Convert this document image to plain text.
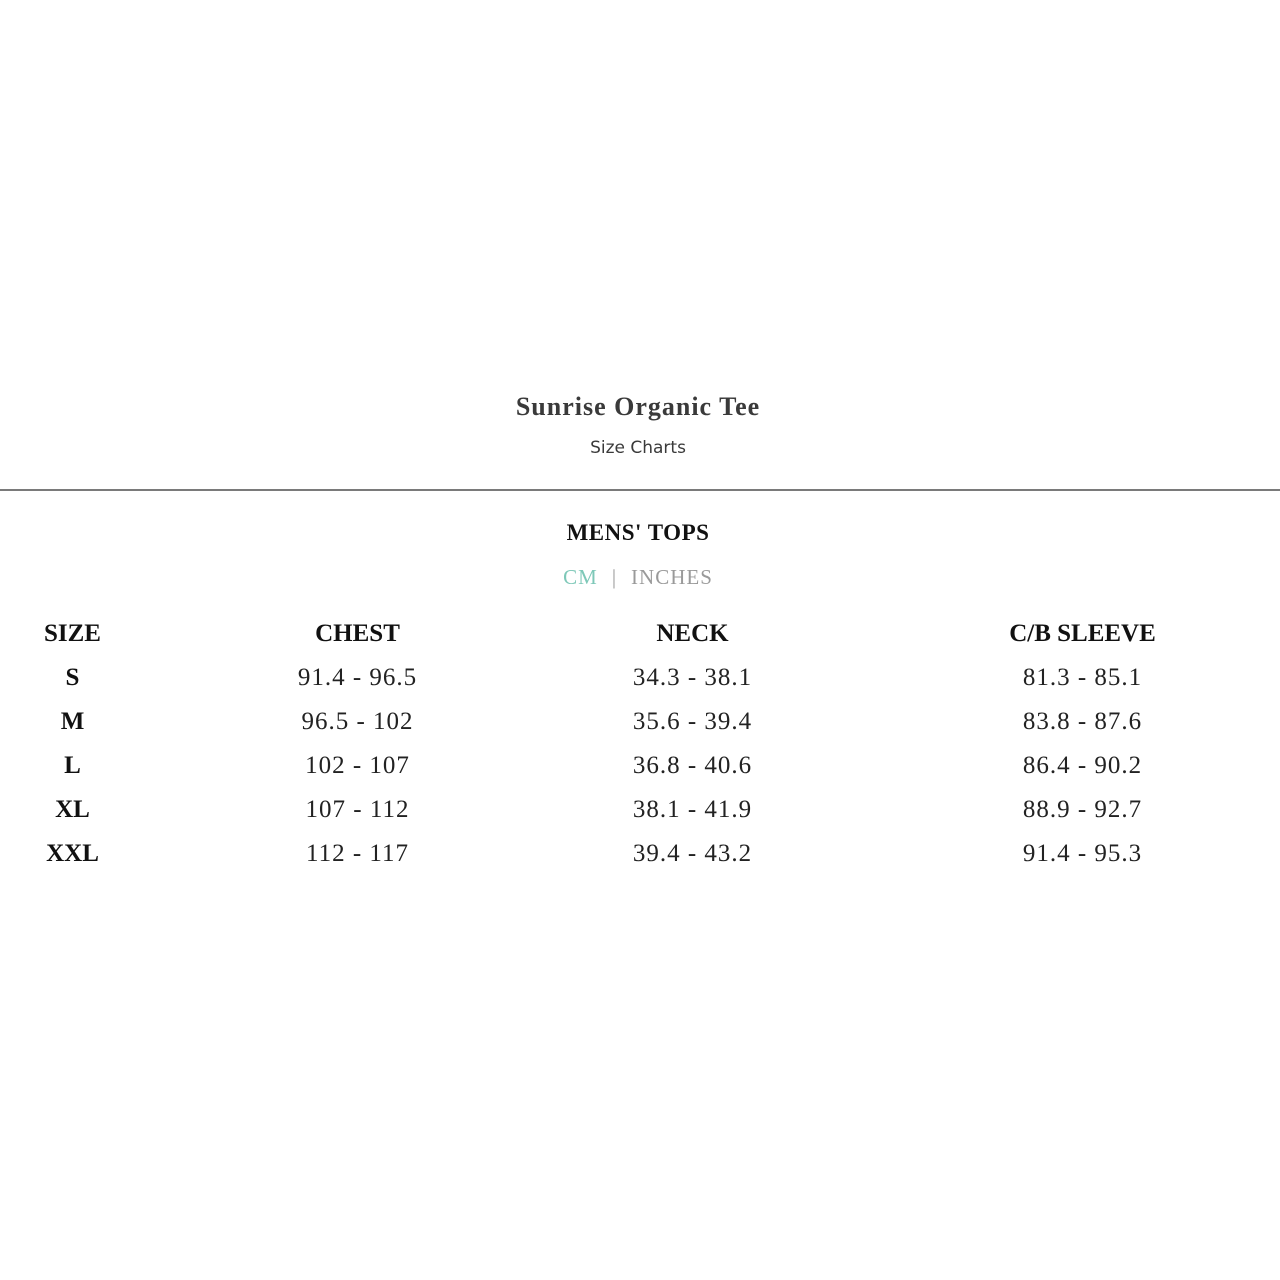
Sunrise Organic Tee
Size Charts
MENS' TOPS
CM | INCHES
SIZE	CHEST	NECK	C/B SLEEVE
S	91.4 - 96.5	34.3 - 38.1	81.3 - 85.1
M	96.5 - 102	35.6 - 39.4	83.8 - 87.6
L	102 - 107	36.8 - 40.6	86.4 - 90.2
XL	107 - 112	38.1 - 41.9	88.9 - 92.7
XXL	112 - 117	39.4 - 43.2	91.4 - 95.3
